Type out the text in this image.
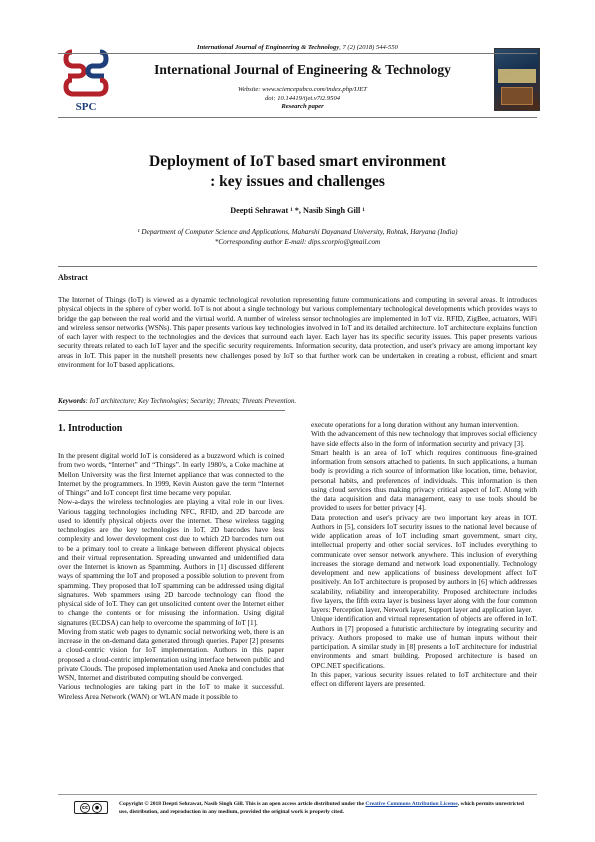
International Journal of Engineering & Technology, 7 (2) (2018) 544-550
SPC
International Journal of Engineering & Technology
Website: www.sciencepubco.com/index.php/IJET
doi: 10.14419/ijet.v7i2.9504
Research paper
Deployment of IoT based smart environment
: key issues and challenges
Deepti Sehrawat ¹ *, Nasib Singh Gill ¹
¹ Department of Computer Science and Applications, Maharshi Dayanand University, Rohtak, Haryana (India)
*Corresponding author E-mail: dips.scorpio@gmail.com
Abstract
The Internet of Things (IoT) is viewed as a dynamic technological revolution representing future communications and computing in several areas. It introduces physical objects in the sphere of cyber world. IoT is not about a single technology but various complementary technological developments which provides ways to bridge the gap between the real world and the virtual world. A number of wireless sensor technologies are implemented in IoT viz. RFID, ZigBee, actuators, WiFi and wireless sensor networks (WSNs). This paper presents various key technologies involved in IoT and its detailed architecture. IoT architecture explains function of each layer with respect to the technologies and the devices that surround each layer. Each layer has its specific security issues. This paper presents various security threats related to each IoT layer and the specific security requirements. Information security, data protection, and user's privacy are among important key areas in IoT. This paper in the nutshell presents new challenges posed by IoT so that further work can be undertaken in creating a robust, efficient and smart environment for IoT based applications.
Keywords: IoT architecture; Key Technologies; Security; Threats; Threats Prevention.
1. Introduction

In the present digital world IoT is considered as a buzzword which is coined from two words, “Internet” and “Things”. In early 1980's, a Coke machine at Mellon University was the first Internet appliance that was connected to the Internet by the programmers. In 1999, Kevin Auston gave the term “Internet of Things” and IoT concept first time became very popular.

Now-a-days the wireless technologies are playing a vital role in our lives. Various tagging technologies including NFC, RFID, and 2D barcode are used to identify physical objects over the internet. These wireless tagging technologies are the key technologies in IoT. 2D barcodes have less complexity and lower development cost due to which 2D barcodes turn out to be a primary tool to create a linkage between different physical objects and their virtual representation. Spreading unwanted and unidentified data over the Internet is known as Spamming. Authors in [1] discussed different ways of spamming the IoT and proposed a possible solution to prevent from spamming. They proposed that IoT spamming can be addressed using digital signatures. Web spammers using 2D barcode technology can flood the physical side of IoT. They can get unsolicited content over the Internet either to change the contents or for misusing the information. Using digital signatures (ECDSA) can help to overcome the spamming of IoT [1].

Moving from static web pages to dynamic social networking web, there is an increase in the on-demand data generated through queries. Paper [2] presents a cloud-centric vision for IoT implementation. Authors in this paper proposed a cloud-centric implementation using interface between public and private Clouds. The proposed implementation used Aneka and concludes that WSN, Internet and distributed computing should be converged.

Various technologies are taking part in the IoT to make it successful. Wireless Area Network (WAN) or WLAN made it possible to

execute operations for a long duration without any human intervention.

With the advancement of this new technology that improves social efficiency have side effects also in the form of information security and privacy [3].

Smart health is an area of IoT which requires continuous fine-grained information from sensors attached to patients. In such applications, a human body is providing a rich source of information like location, time, behavior, personal habits, and preferences of individuals. This information is then using cloud services thus making privacy critical aspect of IoT. Along with the data acquisition and data management, easy to use tools should be provided to users for better privacy [4].

Data protection and user's privacy are two important key areas in IOT. Authors in [5], considers IoT security issues to the national level because of wide application areas of IoT including smart government, smart city, intellectual property and other social services. IoT includes everything to communicate over sensor network anywhere. This inclusion of everything increases the storage demand and network load exponentially. Technology development and new applications of business development affect IoT positively. An IoT architecture is proposed by authors in [6] which addresses scalability, reliability and interoperability. Proposed architecture includes five layers, the fifth extra layer is business layer along with the four common layers: Perception layer, Network layer, Support layer and application layer.

Unique identification and virtual representation of objects are offered in IoT. Authors in [7] proposed a futuristic architecture by integrating security and privacy. Authors proposed to make use of human inputs without their participation. A similar study in [8] presents a IoT architecture for industrial environments and smart building. Proposed architecture is based on OPC.NET specifications.

In this paper, various security issues related to IoT architecture and their effect on different layers are presented.

cc	●
Copyright © 2018 Deepti Sehrawat, Nasib Singh Gill. This is an open access article distributed under the Creative Commons Attribution License, which permits unrestricted use, distribution, and reproduction in any medium, provided the original work is properly cited.
